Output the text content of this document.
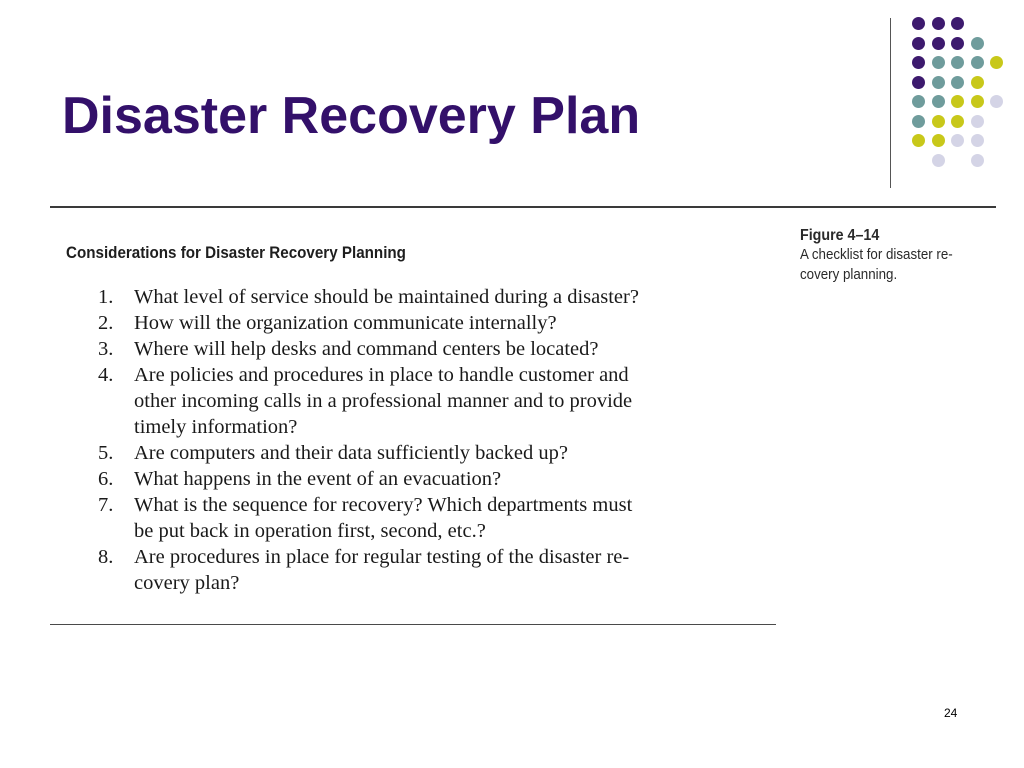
Disaster Recovery Plan
Considerations for Disaster Recovery Planning
1.	What level of service should be maintained during a disaster?
2.	How will the organization communicate internally?
3.	Where will help desks and command centers be located?
4.	Are policies and procedures in place to handle customer and
other incoming calls in a professional manner and to provide
timely information?
5.	Are computers and their data sufficiently backed up?
6.	What happens in the event of an evacuation?
7.	What is the sequence for recovery? Which departments must
be put back in operation first, second, etc.?
8.	Are procedures in place for regular testing of the disaster re-
covery plan?
Figure 4–14
A checklist for disaster re-
covery planning.
24
